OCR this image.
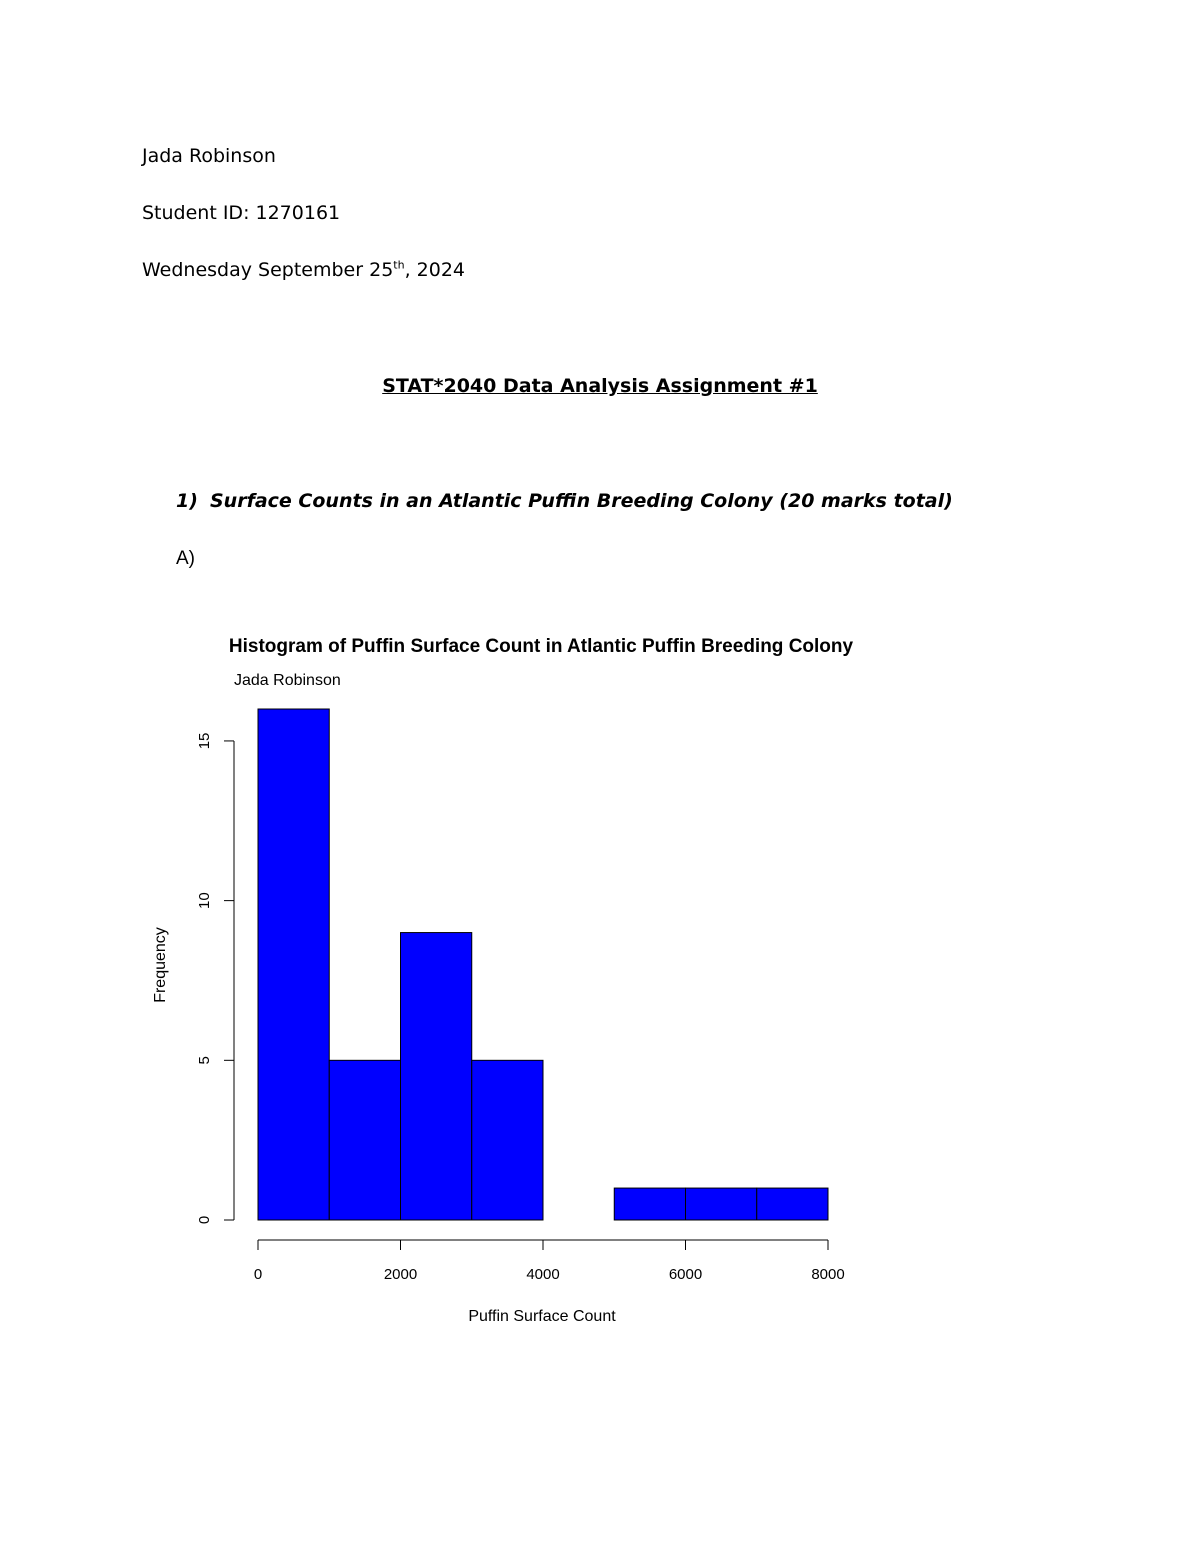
Jada Robinson

Student ID: 1270161

Wednesday September 25th, 2024

STAT*2040 Data Analysis Assignment #1

1) Surface Counts in an Atlantic Puffin Breeding Colony (20 marks total)

A)

Histogram of Puffin Surface Count in Atlantic Puffin Breeding Colony
Jada Robinson
0
5
10
15
0	2000	4000	6000	8000
Puffin Surface Count
Frequency
